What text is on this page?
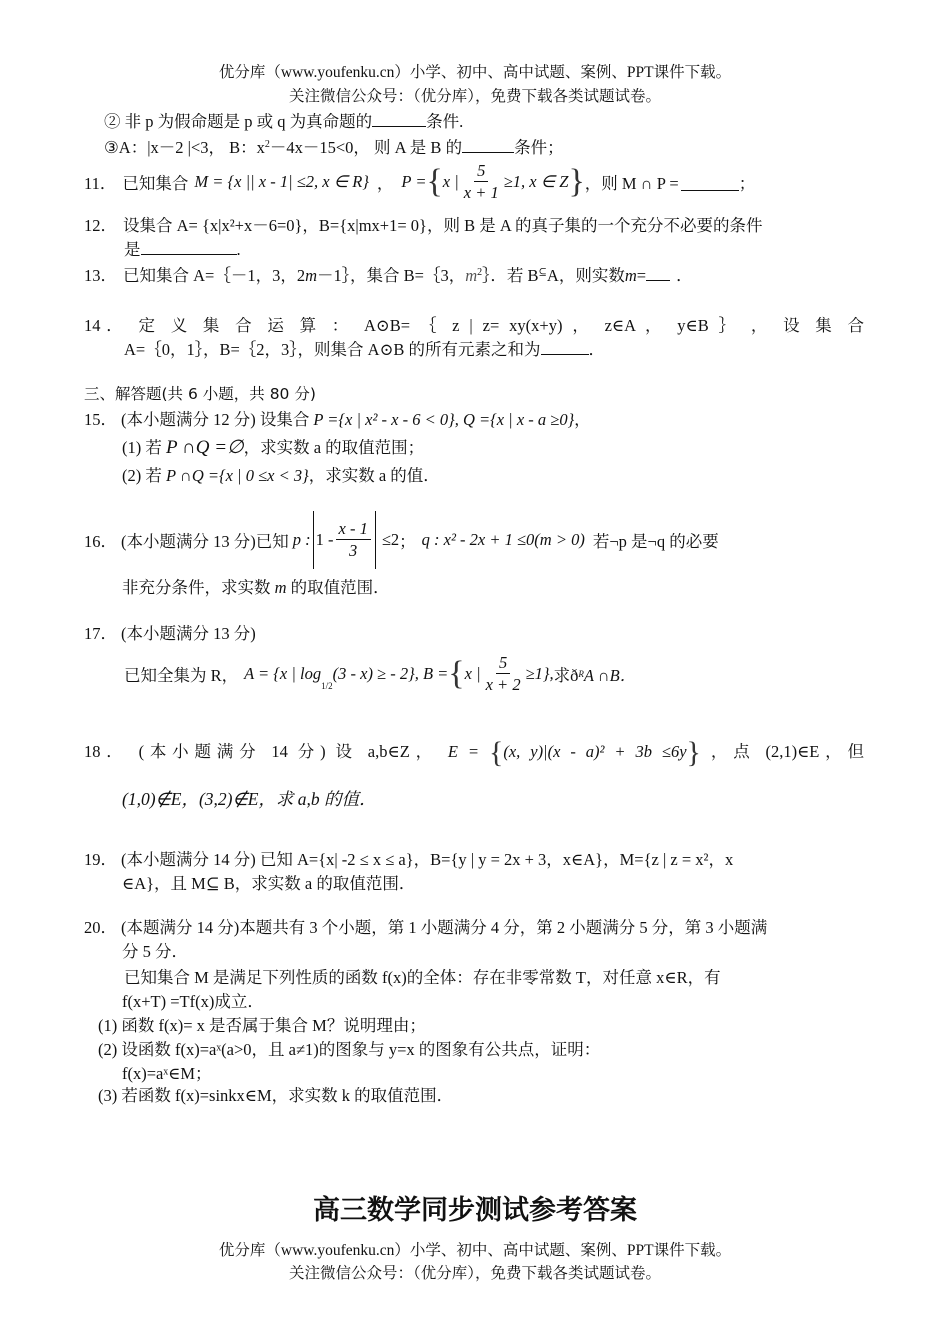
优分库（www.youfenku.cn）小学、初中、高中试题、案例、PPT课件下载。
关注微信公众号：（优分库），免费下载各类试题试卷。
② 非 p 为假命题是 p 或 q 为真命题的	条件.
③A：|x－2 |<3， B：$x^2-4x-15<0$， 则 A 是 B 的	条件；
11． 已知集合 M = {x || x - 1| ≤2, x ∈ R} ， P = { x | $\frac{5}{x + 1} \ge 1$, x ∈ Z } ，则 M ∩ P =	；
12． 设集合 A= {x|x²+x－6=0}，B={x|mx+1= 0}，则 B 是 A 的真子集的一个充分不必要的条件
是	.
13． 已知集合 A=｛－1，3，2m－1｝，集合 B=｛3，$m^2\}$．若 B⊆A，则实数m= ．
14． 定 义 集 合 运 算 ： A⊙B= ｛ z | z= xy(x+y) ， z∈A ， y∈B ｝ ， 设 集 合
A=｛0，1｝，B=｛2，3｝，则集合 A⊙B 的所有元素之和为	．
三、解答题(共 6 小题，共 80 分)
15． (本小题满分 12 分) 设集合 P ={x | x² - x - 6 < 0}, Q ={x | x - a ≥0}，
(1) 若 P ∩Q =∅，求实数 a 的取值范围；
(2) 若 P ∩Q ={x | 0 ≤x < 3}，求实数 a 的值．
16． (本小题满分 13 分)已知 p : $1 - \frac{x - 1}{3} \le 2$ ； q : x² - 2x + 1 ≤0(m > 0) 若¬p 是¬q 的必要
非充分条件，求实数 m 的取值范围．
17． (本小题满分 13 分)
已知全集为 R， A = {x | log
1/2
(3 - x) ≥ - 2}, B = { x | $\frac{5}{x + 2} \ge 1$}, 求ð R A ∩B．
18． (本小题满分 14 分) 设 a,b∈Z， E = {(x, y)|(x - a)² + 3b ≤6y} ，点 (2,1)∈E，但
(1,0)∉E，(3,2)∉E，求 a,b 的值．
19． (本小题满分 14 分) 已知 A={x| -2 ≤ x ≤ a}，B={y | y = 2x + 3，x∈A}，M={z | z = x²，x
∈A}，且 M⊆ B，求实数 a 的取值范围．
20． (本题满分 14 分)本题共有 3 个小题，第 1 小题满分 4 分，第 2 小题满分 5 分，第 3 小题满
分 5 分．
已知集合 M 是满足下列性质的函数 f(x)的全体：存在非零常数 T，对任意 x∈R，有
f(x+T) =Tf(x)成立．
(1) 函数 f(x)= x 是否属于集合 M？说明理由；
(2) 设函数 f(x)=aˣ(a>0，且 a≠1)的图象与 y=x 的图象有公共点，证明：
f(x)=aˣ∈M；
(3) 若函数 f(x)=sinkx∈M，求实数 k 的取值范围．
高三数学同步测试参考答案
优分库（www.youfenku.cn）小学、初中、高中试题、案例、PPT课件下载。
关注微信公众号：（优分库），免费下载各类试题试卷。
